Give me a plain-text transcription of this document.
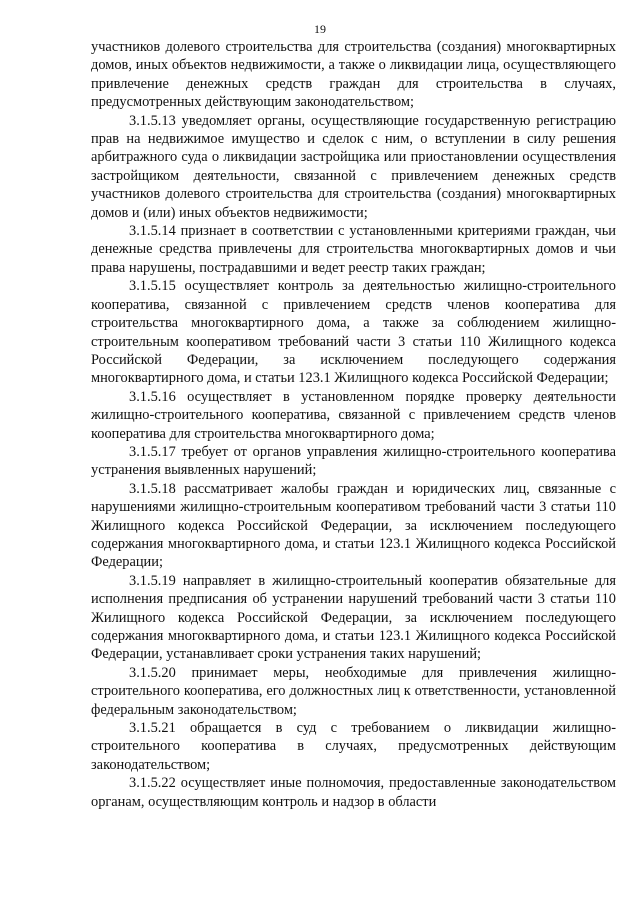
19

участников долевого строительства для строительства (создания) многоквартирных домов, иных объектов недвижимости, а также о ликвидации лица, осуществляющего привлечение денежных средств граждан для строительства в случаях, предусмотренных действующим законодательством;

3.1.5.13 уведомляет органы, осуществляющие государственную регистрацию прав на недвижимое имущество и сделок с ним, о вступлении в силу решения арбитражного суда о ликвидации застройщика или приостановлении осуществления застройщиком деятельности, связанной с привлечением денежных средств участников долевого строительства для строительства (создания) многоквартирных домов и (или) иных объектов недвижимости;

3.1.5.14 признает в соответствии с установленными критериями граждан, чьи денежные средства привлечены для строительства многоквартирных домов и чьи права нарушены, пострадавшими и ведет реестр таких граждан;

3.1.5.15 осуществляет контроль за деятельностью жилищно-строительного кооператива, связанной с привлечением средств членов кооператива для строительства многоквартирного дома, а также за соблюдением жилищно-строительным кооперативом требований части 3 статьи 110 Жилищного кодекса Российской Федерации, за исключением последующего содержания многоквартирного дома, и статьи 123.1 Жилищного кодекса Российской Федерации;

3.1.5.16 осуществляет в установленном порядке проверку деятельности жилищно-строительного кооператива, связанной с привлечением средств членов кооператива для строительства многоквартирного дома;

3.1.5.17 требует от органов управления жилищно-строительного кооператива устранения выявленных нарушений;

3.1.5.18 рассматривает жалобы граждан и юридических лиц, связанные с нарушениями жилищно-строительным кооперативом требований части 3 статьи 110 Жилищного кодекса Российской Федерации, за исключением последующего содержания многоквартирного дома, и статьи 123.1 Жилищного кодекса Российской Федерации;

3.1.5.19 направляет в жилищно-строительный кооператив обязательные для исполнения предписания об устранении нарушений требований части 3 статьи 110 Жилищного кодекса Российской Федерации, за исключением последующего содержания многоквартирного дома, и статьи 123.1 Жилищного кодекса Российской Федерации, устанавливает сроки устранения таких нарушений;

3.1.5.20 принимает меры, необходимые для привлечения жилищно-строительного кооператива, его должностных лиц к ответственности, установленной федеральным законодательством;

3.1.5.21 обращается в суд с требованием о ликвидации жилищно-строительного кооператива в случаях, предусмотренных действующим законодательством;

3.1.5.22 осуществляет иные полномочия, предоставленные законодательством органам, осуществляющим контроль и надзор в области
